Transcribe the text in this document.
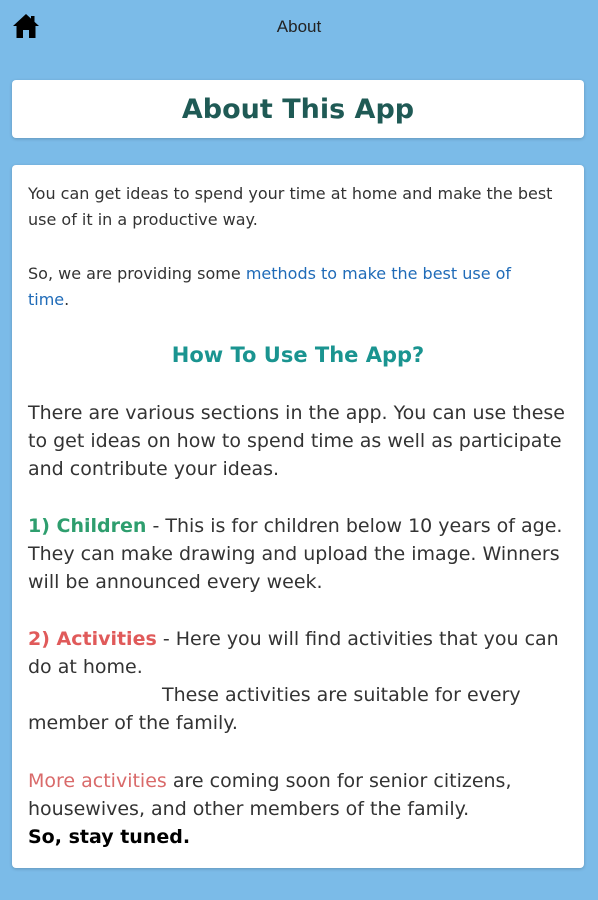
About
About This App

You can get ideas to spend your time at home and make the best use of it in a productive way.

So, we are providing some methods to make the best use of time.

How To Use The App?

There are various sections in the app. You can use these to get ideas on how to spend time as well as participate and contribute your ideas.

1) Children - This is for children below 10 years of age. They can make drawing and upload the image. Winners will be announced every week.

2) Activities - Here you will find activities that you can do at home.
These activities are suitable for every member of the family.

More activities are coming soon for senior citizens, housewives, and other members of the family.
So, stay tuned.
